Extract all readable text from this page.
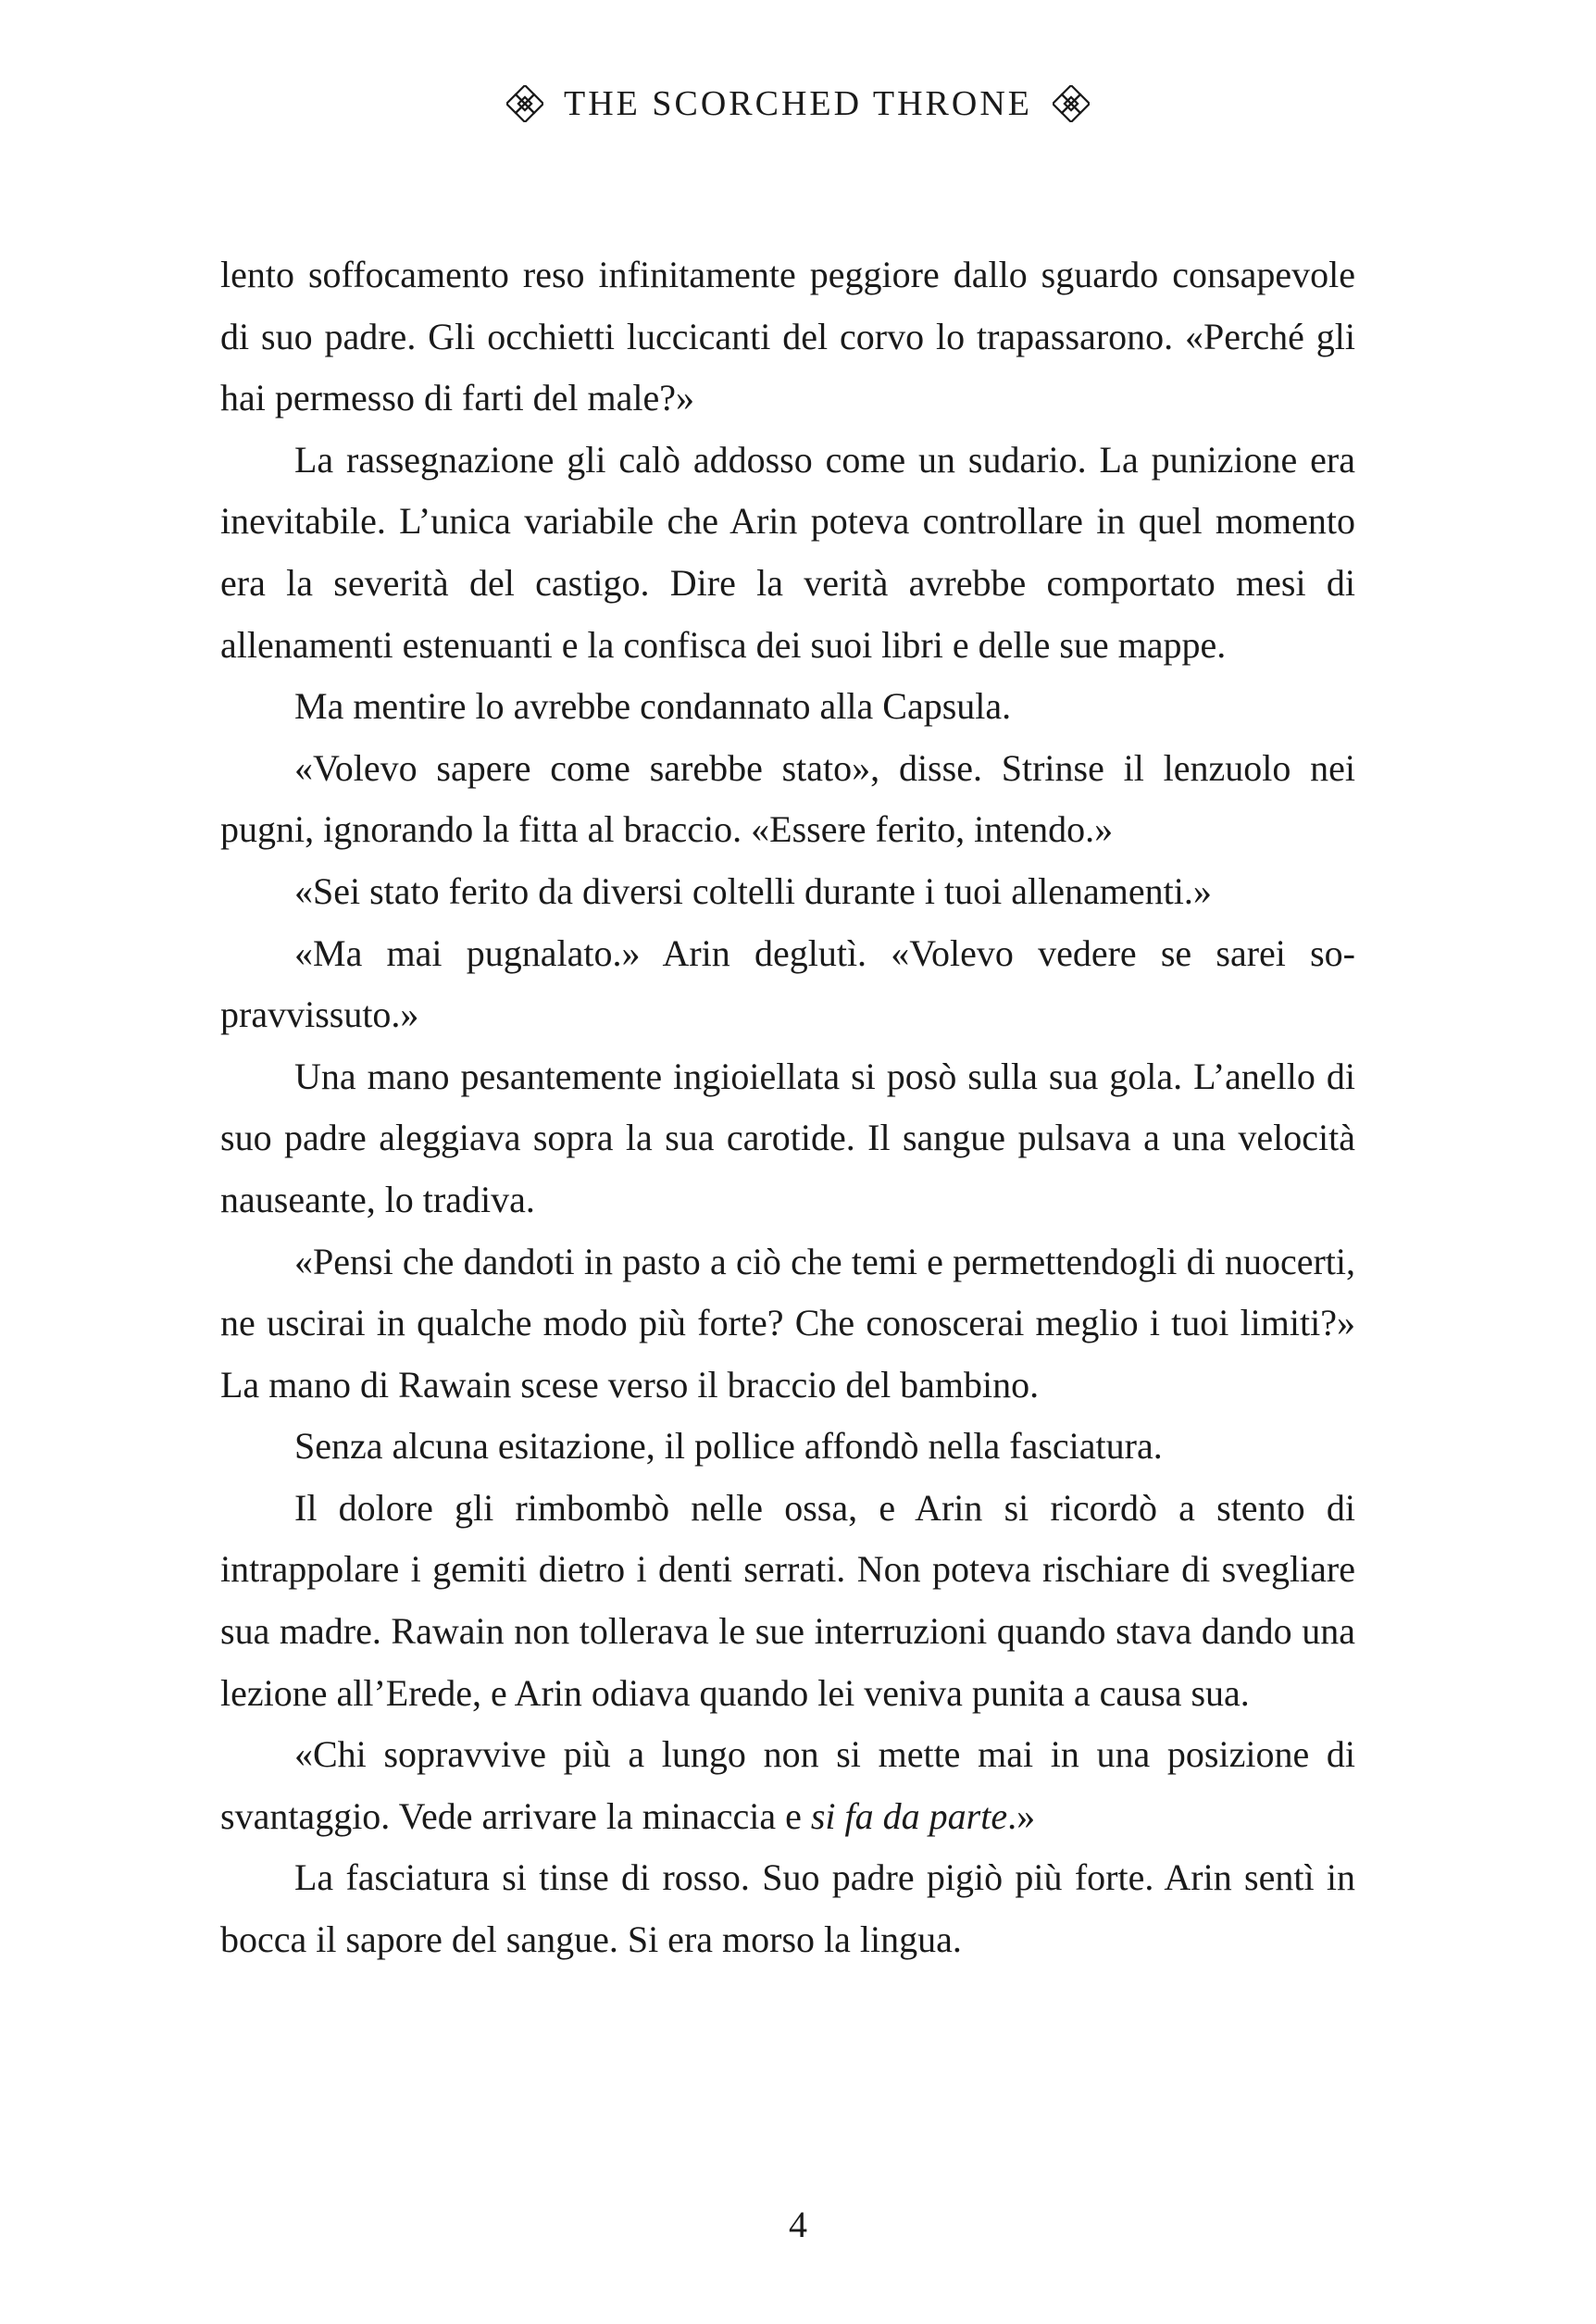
THE SCORCHED THRONE

lento soffocamento reso infinitamente peggiore dallo sguardo consapevole di suo padre. Gli occhietti luccicanti del corvo lo trapassarono. «Perché gli hai permesso di farti del male?»

La rassegnazione gli calò addosso come un sudario. La punizione era inevitabile. L’unica variabile che Arin poteva controllare in quel momento era la severità del castigo. Dire la verità avrebbe comportato mesi di allenamenti estenuanti e la confisca dei suoi libri e delle sue mappe.

Ma mentire lo avrebbe condannato alla Capsula.

«Volevo sapere come sarebbe stato», disse. Strinse il lenzuolo nei pugni, ignorando la fitta al braccio. «Essere ferito, intendo.»

«Sei stato ferito da diversi coltelli durante i tuoi allenamenti.»

«Ma mai pugnalato.» Arin deglutì. «Volevo vedere se sarei sopravvissuto.»

Una mano pesantemente ingioiellata si posò sulla sua gola. L’anello di suo padre aleggiava sopra la sua carotide. Il sangue pulsava a una velocità nauseante, lo tradiva.

«Pensi che dandoti in pasto a ciò che temi e permettendogli di nuocerti, ne uscirai in qualche modo più forte? Che conoscerai meglio i tuoi limiti?» La mano di Rawain scese verso il braccio del bambino.

Senza alcuna esitazione, il pollice affondò nella fasciatura.

Il dolore gli rimbombò nelle ossa, e Arin si ricordò a stento di intrappolare i gemiti dietro i denti serrati. Non poteva rischiare di svegliare sua madre. Rawain non tollerava le sue interruzioni quando stava dando una lezione all’Erede, e Arin odiava quando lei veniva punita a causa sua.

«Chi sopravvive più a lungo non si mette mai in una posizione di svantaggio. Vede arrivare la minaccia e si fa da parte.»

La fasciatura si tinse di rosso. Suo padre pigiò più forte. Arin sentì in bocca il sapore del sangue. Si era morso la lingua.

4
